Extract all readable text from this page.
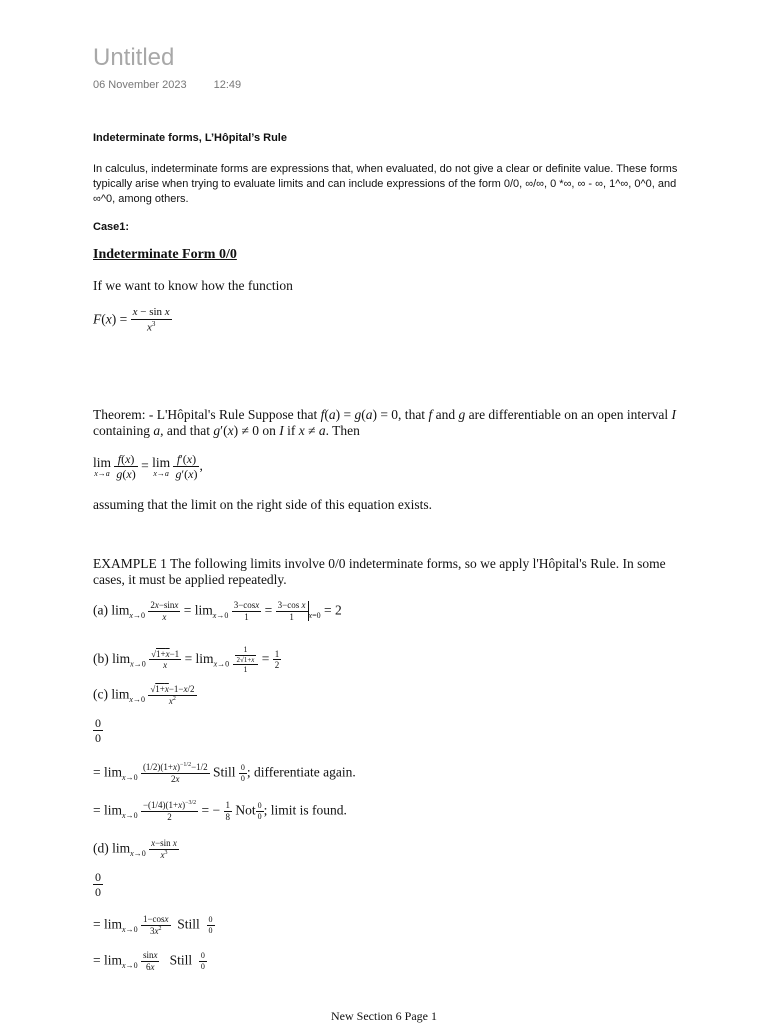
Untitled
06 November 2023 12:49
Indeterminate forms, L’Hôpital’s Rule
In calculus, indeterminate forms are expressions that, when evaluated, do not give a clear or definite value. These forms typically arise when trying to evaluate limits and can include expressions of the form 0/0, ∞/∞, 0 *∞, ∞ - ∞, 1^∞, 0^0, and ∞^0, among others.
Case1:
Indeterminate Form 0/0
If we want to know how the function
$F(x) = \frac{\text{x − sin x}}{x^3}$
Theorem: - L'Hôpital's Rule Suppose that f(a) = g(a) = 0, that f and g are differentiable on an open interval I containing a, and that g′(x) ≠ 0 on I if x ≠ a. Then
lim
x→a
$\frac{f(x)}{g(x)} = \lim$
x→a
$\frac{f'(x)}{g'(x)}$ ,
assuming that the limit on the right side of this equation exists.
EXAMPLE 1 The following limits involve 0/0 indeterminate forms, so we apply l'Hôpital's Rule. In some cases, it must be applied repeatedly.
(a) $\lim_{x\to 0} \frac{2x-\sin x}{x} = \lim_{x\to 0} \frac{3-\cos x}{1} = \frac{\text{3−cos x}}{1} _{x=0} = 2$
(b) $\lim_{x\to 0} \frac{√1+x-1}{x} = \lim_{x\to 0} \frac{\frac{1}{2√1+x}}{1} = \frac{1}{2}$
(c) $\lim_{x\to 0} \frac{√1+x-1-x/2}{x^2}$
$\frac{0}{0}$
= $\lim_{x\to 0} \frac{(1/2)(1+x)^{-1/2}-1/2}{2x}$ Still $\frac{0}{0}$ ; differentiate again.
= $\lim_{x\to 0} \frac{-(1/4)(1+x)^{-3/2}}{2}$ = − $\frac{1}{8}$ Not $\frac{0}{0}$ ; limit is found.
(d) $\lim_{x\to 0} \frac{\text{x−sin x}}{x^3}$
$\frac{0}{0}$
= $\lim_{x\to 0} \frac{1-\cos x}{3x^2}$ Still $\frac{0}{0}$
= $\lim_{x\to 0} \frac{\sin x}{6x}$ Still $\frac{0}{0}$
New Section 6 Page 1
